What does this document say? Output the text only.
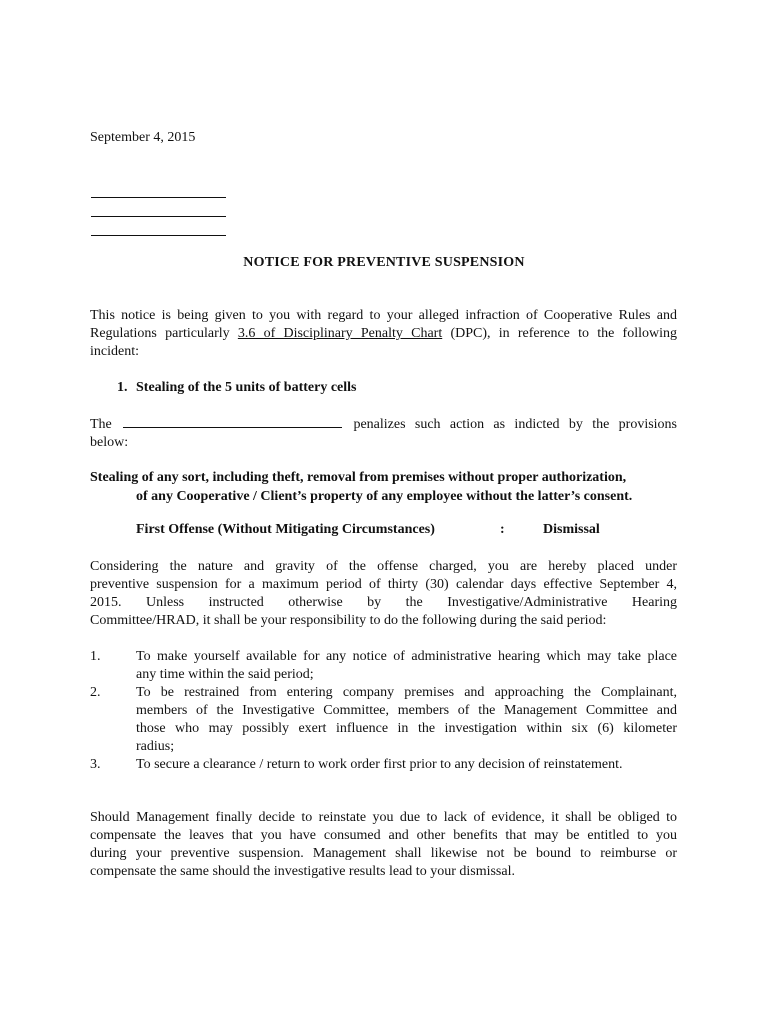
September 4, 2015
NOTICE FOR PREVENTIVE SUSPENSION
This notice is being given to you with regard to your alleged infraction of Cooperative Rules and
Regulations particularly 3.6 of Disciplinary Penalty Chart (DPC), in reference to the following
incident:
1. Stealing of the 5 units of battery cells
The	penalizes such action as indicted by the provisions
below:
Stealing of any sort, including theft, removal from premises without proper authorization,
of any Cooperative / Client’s property of any employee without the latter’s consent.
First Offense (Without Mitigating Circumstances)	:	Dismissal
Considering the nature and gravity of the offense charged, you are hereby placed under
preventive suspension for a maximum period of thirty (30) calendar days effective September 4,
2015. Unless instructed otherwise by the Investigative/Administrative Hearing
Committee/HRAD, it shall be your responsibility to do the following during the said period:
1.	To make yourself available for any notice of administrative hearing which may take place
any time within the said period;
2.	To be restrained from entering company premises and approaching the Complainant,
members of the Investigative Committee, members of the Management Committee and
those who may possibly exert influence in the investigation within six (6) kilometer
radius;
3.	To secure a clearance / return to work order first prior to any decision of reinstatement.
Should Management finally decide to reinstate you due to lack of evidence, it shall be obliged to
compensate the leaves that you have consumed and other benefits that may be entitled to you
during your preventive suspension. Management shall likewise not be bound to reimburse or
compensate the same should the investigative results lead to your dismissal.
